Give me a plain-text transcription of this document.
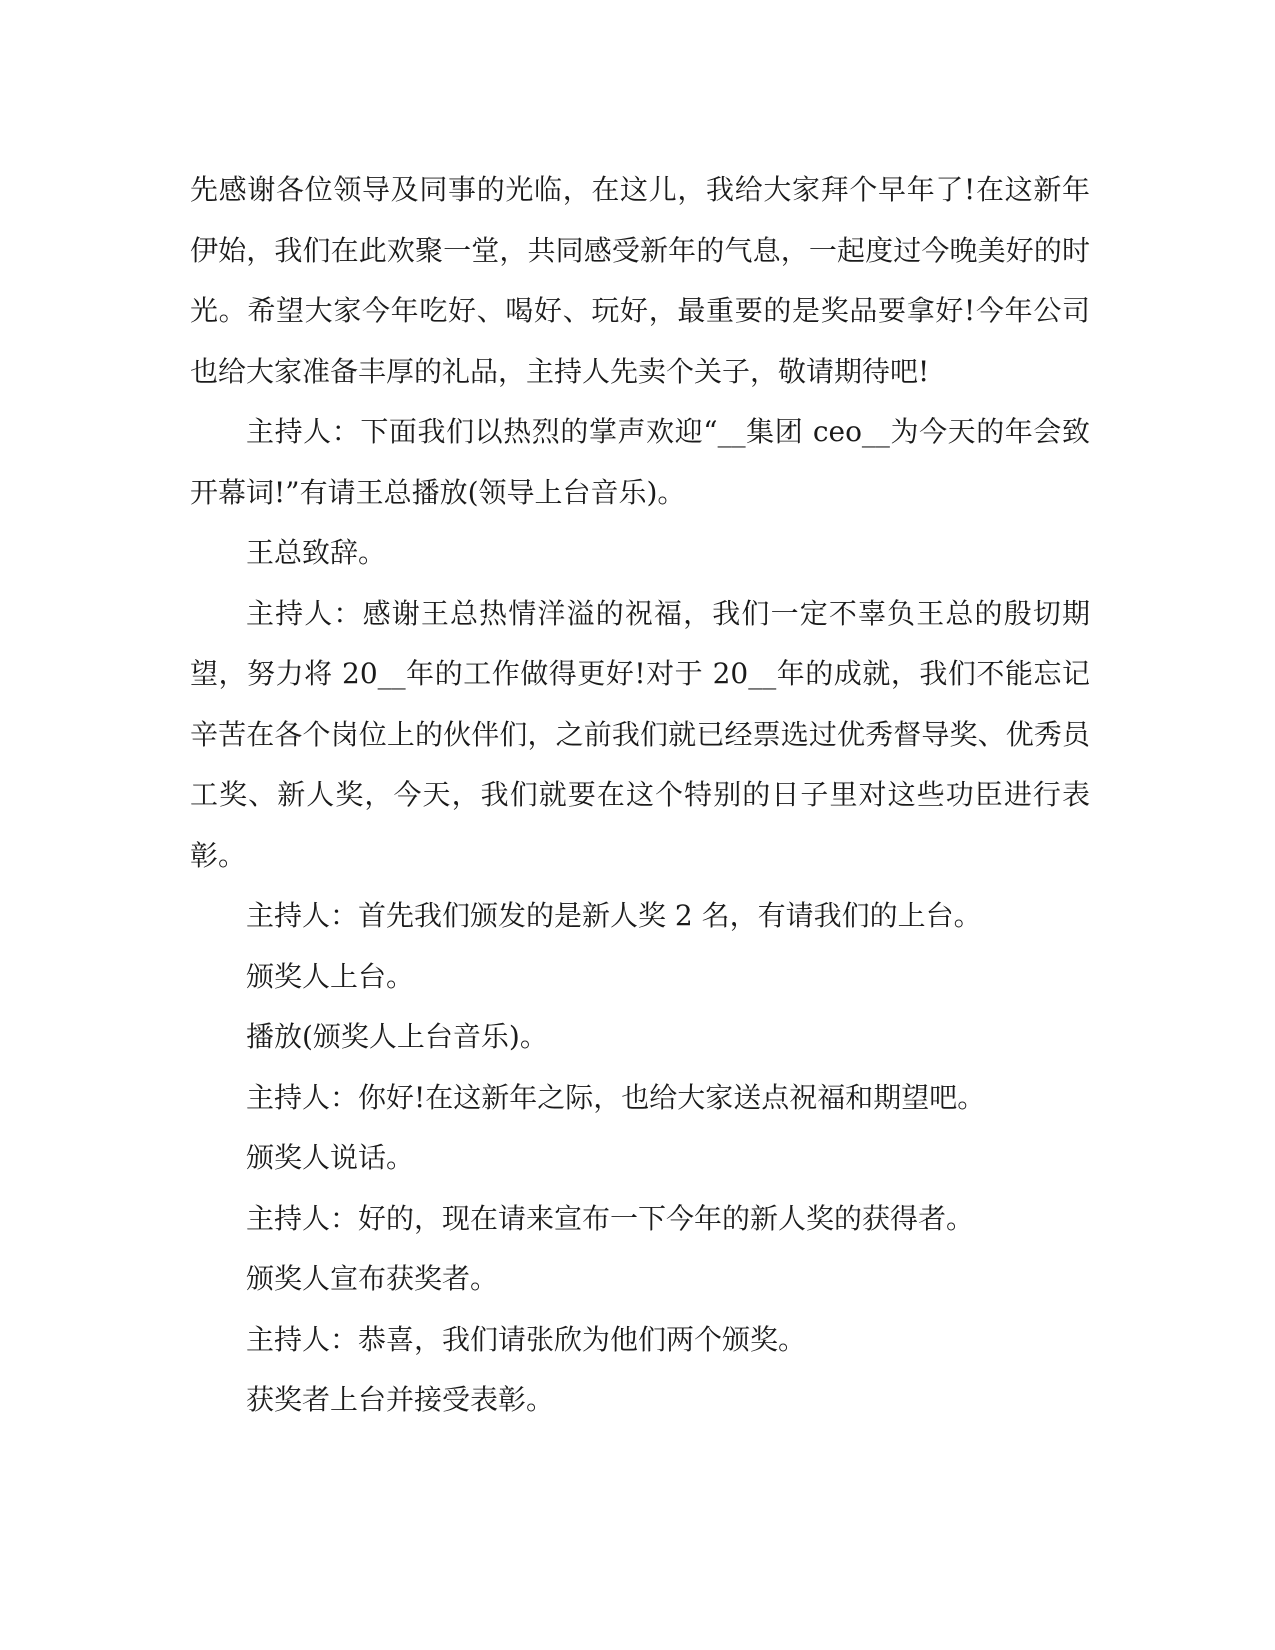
先感谢各位领导及同事的光临，在这儿，我给大家拜个早年了!在这新年伊始，我们在此欢聚一堂，共同感受新年的气息，一起度过今晚美好的时光。希望大家今年吃好、喝好、玩好，最重要的是奖品要拿好!今年公司也给大家准备丰厚的礼品，主持人先卖个关子，敬请期待吧!

主持人：下面我们以热烈的掌声欢迎“__集团 ceo__为今天的年会致开幕词!”有请王总播放(领导上台音乐)。

王总致辞。

主持人：感谢王总热情洋溢的祝福，我们一定不辜负王总的殷切期望，努力将 20__年的工作做得更好!对于 20__年的成就，我们不能忘记辛苦在各个岗位上的伙伴们，之前我们就已经票选过优秀督导奖、优秀员工奖、新人奖，今天，我们就要在这个特别的日子里对这些功臣进行表彰。

主持人：首先我们颁发的是新人奖 2 名，有请我们的上台。

颁奖人上台。

播放(颁奖人上台音乐)。

主持人：你好!在这新年之际，也给大家送点祝福和期望吧。

颁奖人说话。

主持人：好的，现在请来宣布一下今年的新人奖的获得者。

颁奖人宣布获奖者。

主持人：恭喜，我们请张欣为他们两个颁奖。

获奖者上台并接受表彰。
